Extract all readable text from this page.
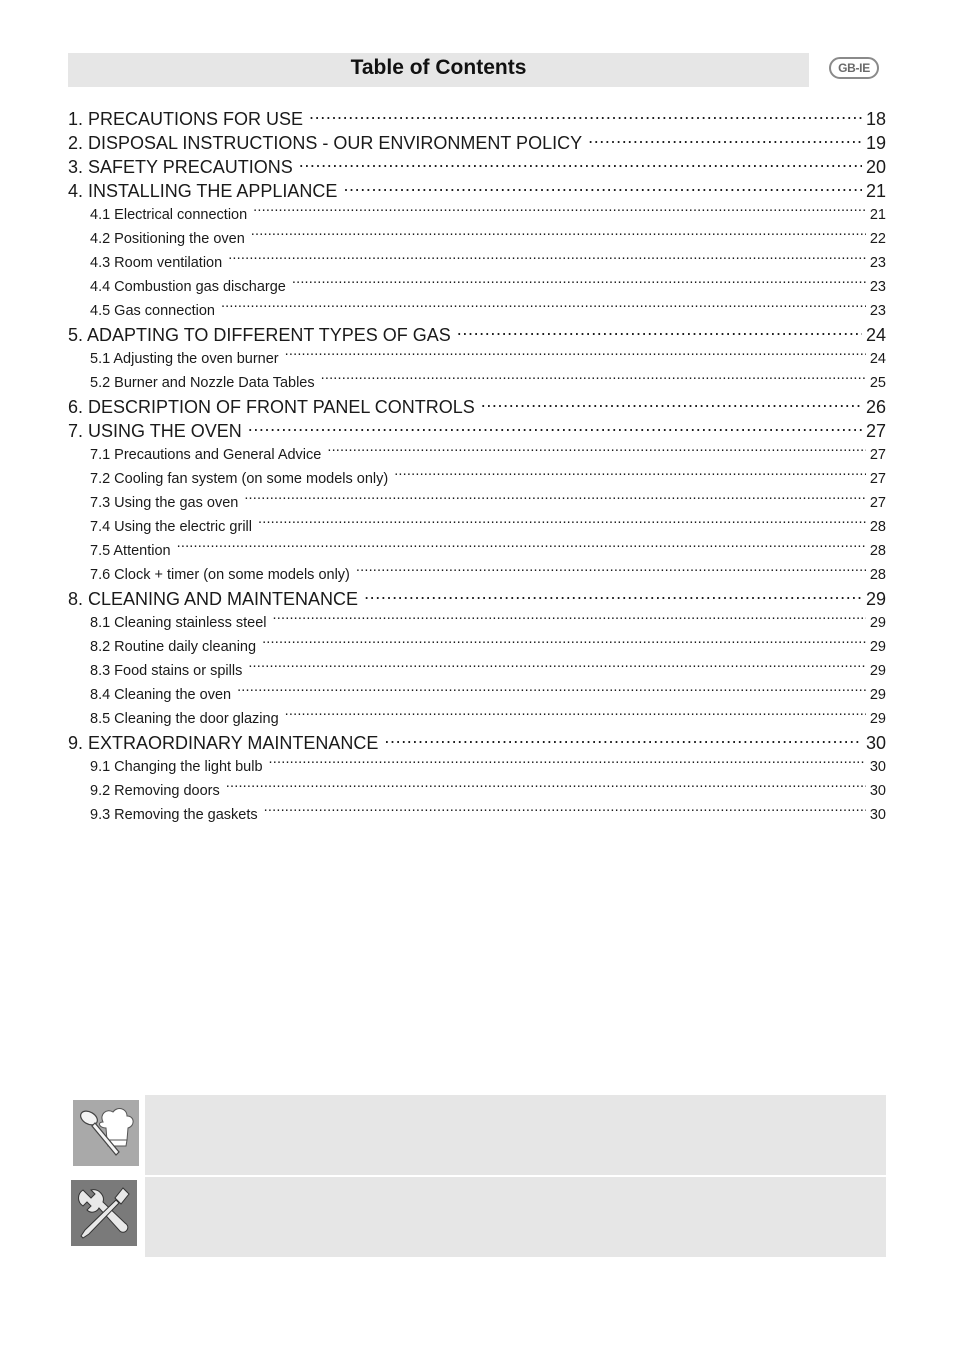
Table of Contents	GB-IE
1. PRECAUTIONS FOR USE .....	18
2. DISPOSAL INSTRUCTIONS - OUR ENVIRONMENT POLICY .....	19
3. SAFETY PRECAUTIONS .....	20
4. INSTALLING THE APPLIANCE .....	21
4.1 Electrical connection .....	21
4.2 Positioning the oven .....	22
4.3 Room ventilation .....	23
4.4 Combustion gas discharge .....	23
4.5 Gas connection .....	23
5. ADAPTING TO DIFFERENT TYPES OF GAS .....	24
5.1 Adjusting the oven burner .....	24
5.2 Burner and Nozzle Data Tables .....	25
6. DESCRIPTION OF FRONT PANEL CONTROLS .....	26
7. USING THE OVEN .....	27
7.1 Precautions and General Advice .....	27
7.2 Cooling fan system (on some models only) .....	27
7.3 Using the gas oven .....	27
7.4 Using the electric grill .....	28
7.5 Attention .....	28
7.6 Clock + timer (on some models only) .....	28
8. CLEANING AND MAINTENANCE .....	29
8.1 Cleaning stainless steel .....	29
8.2 Routine daily cleaning .....	29
8.3 Food stains or spills .....	29
8.4 Cleaning the oven .....	29
8.5 Cleaning the door glazing .....	29
9. EXTRAORDINARY MAINTENANCE .....	30
9.1 Changing the light bulb .....	30
9.2 Removing doors .....	30
9.3 Removing the gaskets .....	30
